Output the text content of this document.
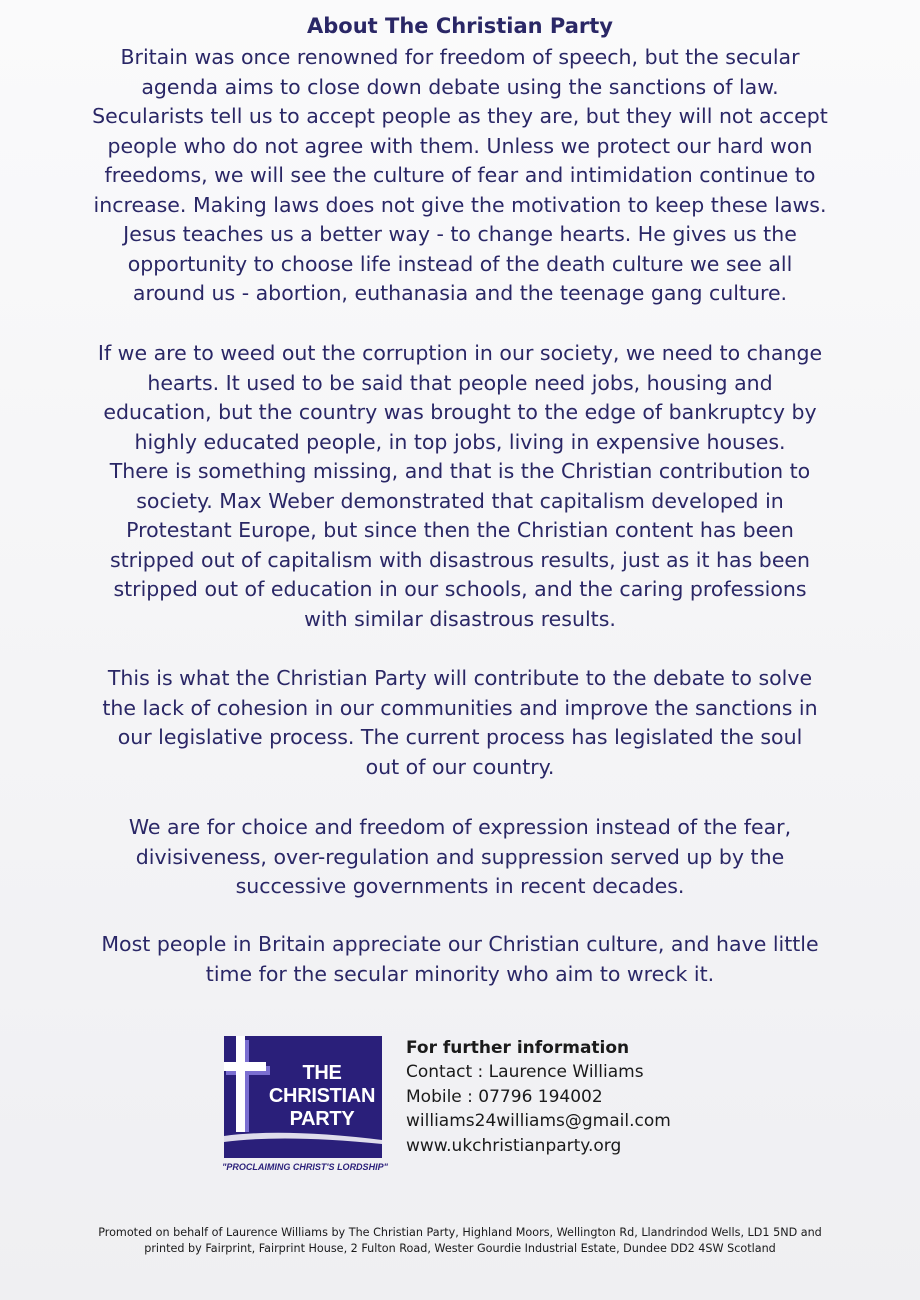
About The Christian Party

Britain was once renowned for freedom of speech, but the secular
agenda aims to close down debate using the sanctions of law.
Secularists tell us to accept people as they are, but they will not accept
people who do not agree with them. Unless we protect our hard won
freedoms, we will see the culture of fear and intimidation continue to
increase. Making laws does not give the motivation to keep these laws.
Jesus teaches us a better way - to change hearts. He gives us the
opportunity to choose life instead of the death culture we see all
around us - abortion, euthanasia and the teenage gang culture.

If we are to weed out the corruption in our society, we need to change
hearts. It used to be said that people need jobs, housing and
education, but the country was brought to the edge of bankruptcy by
highly educated people, in top jobs, living in expensive houses.
There is something missing, and that is the Christian contribution to
society. Max Weber demonstrated that capitalism developed in
Protestant Europe, but since then the Christian content has been
stripped out of capitalism with disastrous results, just as it has been
stripped out of education in our schools, and the caring professions
with similar disastrous results.

This is what the Christian Party will contribute to the debate to solve
the lack of cohesion in our communities and improve the sanctions in
our legislative process. The current process has legislated the soul
out of our country.

We are for choice and freedom of expression instead of the fear,
divisiveness, over-regulation and suppression served up by the
successive governments in recent decades.

Most people in Britain appreciate our Christian culture, and have little
time for the secular minority who aim to wreck it.

THE
CHRISTIAN
PARTY

"PROCLAIMING CHRIST'S LORDSHIP"

For further information

Contact : Laurence Williams

Mobile : 07796 194002

williams24williams@gmail.com

www.ukchristianparty.org

Promoted on behalf of Laurence Williams by The Christian Party, Highland Moors, Wellington Rd, Llandrindod Wells, LD1 5ND and
printed by Fairprint, Fairprint House, 2 Fulton Road, Wester Gourdie Industrial Estate, Dundee DD2 4SW Scotland
